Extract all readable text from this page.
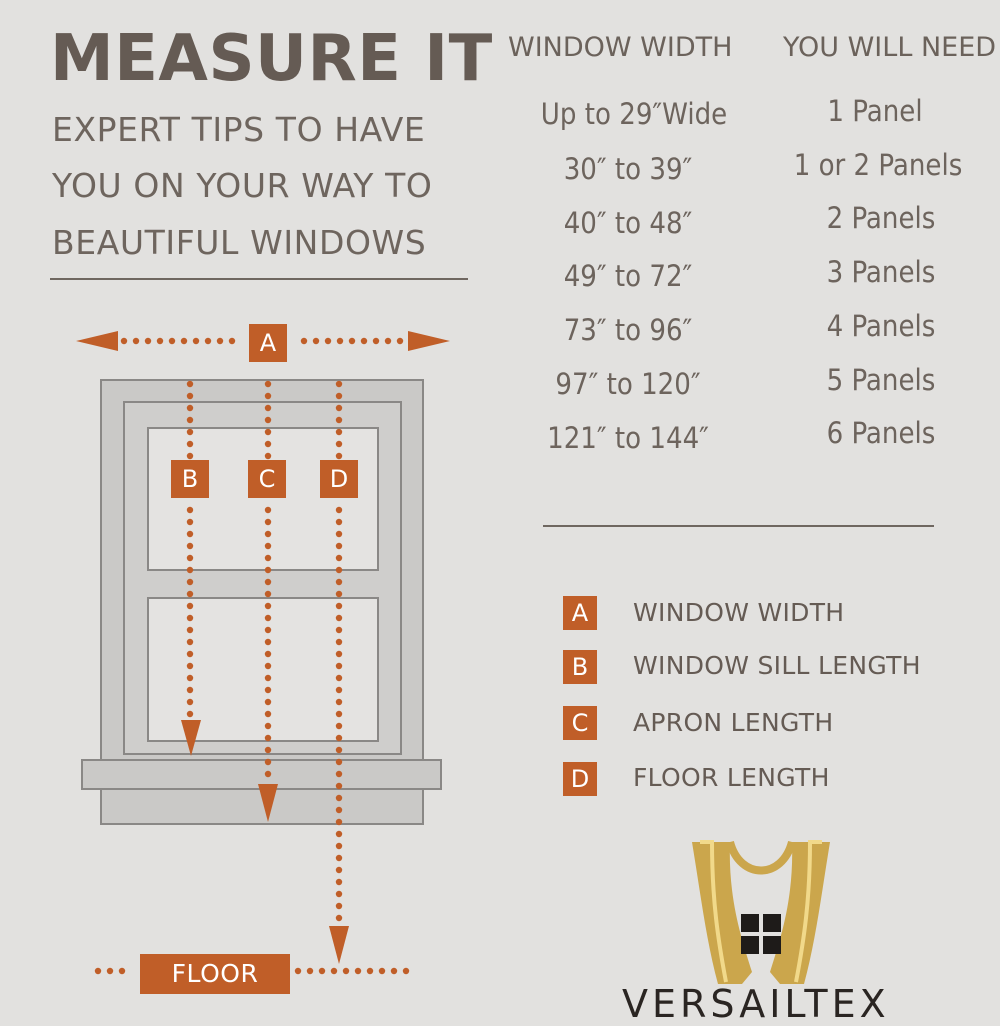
MEASURE IT
EXPERT TIPS TO HAVE
YOU ON YOUR WAY TO
BEAUTIFUL WINDOWS
WINDOW WIDTH YOU WILL NEED
Up to 29″Wide	1 Panel
30″ to 39″	1 or 2 Panels
40″ to 48″	2 Panels
49″ to 72″	3 Panels
73″ to 96″	4 Panels
97″ to 120″	5 Panels
121″ to 144″	6 Panels
A
B	C	D
FLOOR
A	WINDOW WIDTH
B	WINDOW SILL LENGTH
C	APRON LENGTH
D	FLOOR LENGTH
VERSAILTEX
